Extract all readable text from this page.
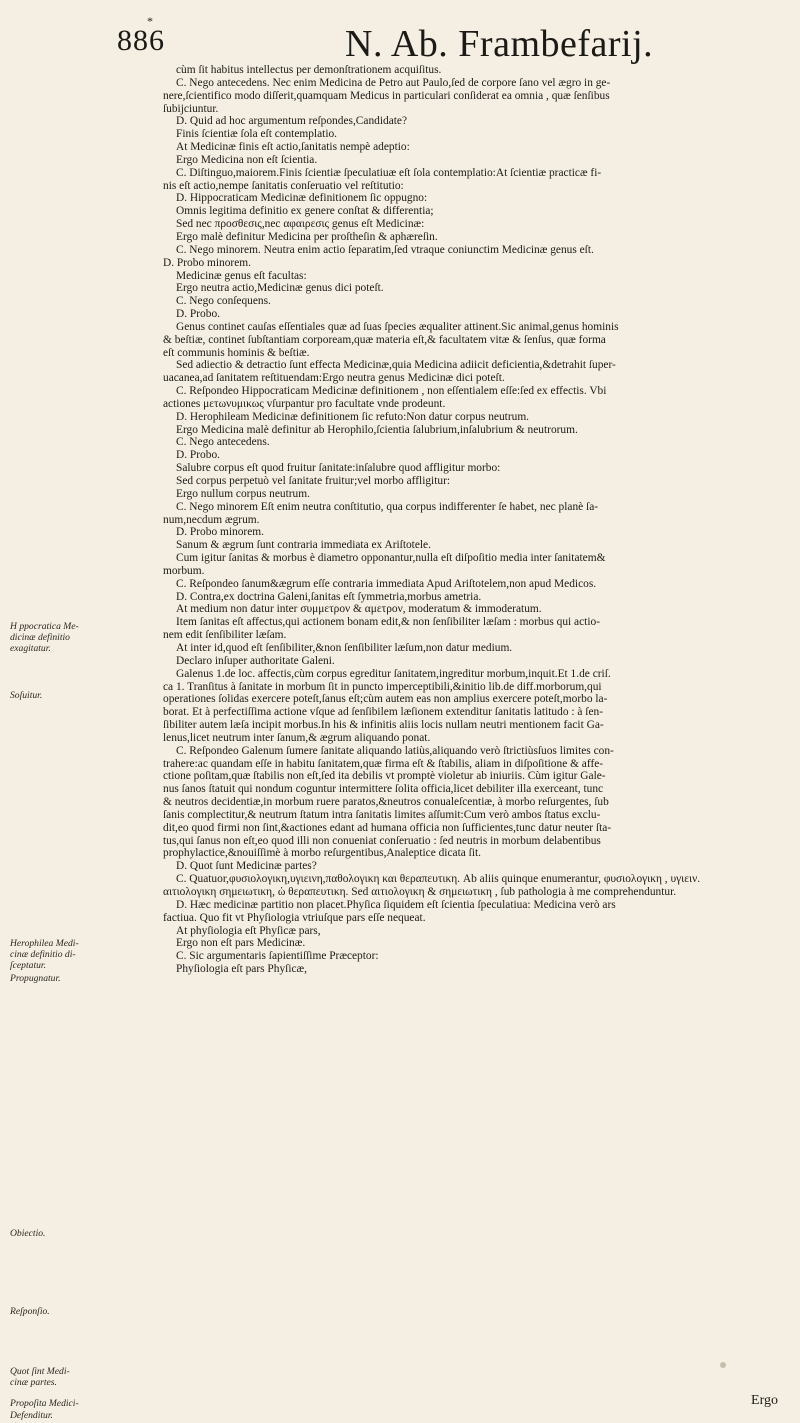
*
886	N. Ab. Frambefarij.
H ppocratica Me-
dicinæ definitio
exagitatur.
Soſuitur.
Herophilea Medi-
cinæ definitio di-
ſceptatur.
Propugnatur.
Obiectio.
Reſponſio.
Quot ſint Medi-
cinæ partes.
Propoſita Medici-
Defenditur.
cùm ſit habitus intellectus per demonſtrationem acquiſitus.
C. Nego antecedens. Nec enim Medicina de Petro aut Paulo,ſed de corpore ſano vel ægro in ge-
nere,ſcientifico modo diſſerit,quamquam Medicus in particulari conſiderat ea omnia , quæ ſenſibus
ſubijciuntur.
D. Quid ad hoc argumentum reſpondes,Candidate?
Finis ſcientiæ ſola eſt contemplatio.
At Medicinæ finis eſt actio,ſanitatis nempè adeptio:
Ergo Medicina non eſt ſcientia.
C. Diſtinguo,maiorem.Finis ſcientiæ ſpeculatiuæ eſt ſola contemplatio:At ſcientiæ practicæ fi-
nis eſt actio,nempe ſanitatis conſeruatio vel reſtitutio:
D. Hippocraticam Medicinæ definitionem ſic oppugno:
Omnis legitima definitio ex genere conſtat & differentia;
Sed nec προσθεσις,nec αφαιρεσις genus eſt Medicinæ:
Ergo malè definitur Medicina per proſtheſin & aphæreſin.
C. Nego minorem. Neutra enim actio ſeparatim,ſed vtraque coniunctim Medicinæ genus eſt.
D. Probo minorem.
Medicinæ genus eſt facultas:
Ergo neutra actio,Medicinæ genus dici poteſt.
C. Nego conſequens.
D. Probo.
Genus continet cauſas eſſentiales quæ ad ſuas ſpecies æqualiter attinent.Sic animal,genus hominis
& beſtiæ, continet ſubſtantiam corpoream,quæ materia eſt,& facultatem vitæ & ſenſus, quæ forma
eſt communis hominis & beſtiæ.
Sed adiectio & detractio ſunt effecta Medicinæ,quia Medicina adiicit deficientia,&detrahit ſuper-
uacanea,ad ſanitatem reſtituendam:Ergo neutra genus Medicinæ dici poteſt.
C. Reſpondeo Hippocraticam Medicinæ definitionem , non eſſentialem eſſe:ſed ex effectis. Vbi
actiones μετωνυμικως vſurpantur pro facultate vnde prodeunt.
D. Herophileam Medicinæ definitionem ſic refuto:Non datur corpus neutrum.
Ergo Medicina malè definitur ab Herophilo,ſcientia ſalubrium,inſalubrium & neutrorum.
C. Nego antecedens.
D. Probo.
Salubre corpus eſt quod fruitur ſanitate:inſalubre quod affligitur morbo:
Sed corpus perpetuò vel ſanitate fruitur;vel morbo affligitur:
Ergo nullum corpus neutrum.
C. Nego minorem Eſt enim neutra conſtitutio, qua corpus indifferenter ſe habet, nec planè ſa-
num,necdum ægrum.
D. Probo minorem.
Sanum & ægrum ſunt contraria immediata ex Ariſtotele.
Cum igitur ſanitas & morbus è diametro opponantur,nulla eſt diſpoſitio media inter ſanitatem&
morbum.
C. Reſpondeo ſanum&ægrum eſſe contraria immediata Apud Ariſtotelem,non apud Medicos.
D. Contra,ex doctrina Galeni,ſanitas eſt ſymmetria,morbus ametria.
At medium non datur inter συμμετρον & αμετρον, moderatum & immoderatum.
Item ſanitas eſt affectus,qui actionem bonam edit,& non ſenſibiliter læſam : morbus qui actio-
nem edit ſenſibiliter læſam.
At inter id,quod eſt ſenſibiliter,&non ſenſibiliter læſum,non datur medium.
Declaro inſuper authoritate Galeni.
Galenus 1.de loc. affectis,cùm corpus egreditur ſanitatem,ingreditur morbum,inquit.Et 1.de criſ.
ca 1. Tranſitus à ſanitate in morbum ſit in puncto imperceptibili,&initio lib.de diff.morborum,qui
operationes ſolidas exercere poteſt,ſanus eſt;cùm autem eas non amplius exercere poteſt,morbo la-
borat. Et à perfectiſſima actione vſque ad ſenſibilem læſionem extenditur ſanitatis latitudo : à ſen-
ſibiliter autem læſa incipit morbus.In his & infinitis aliis locis nullam neutri mentionem facit Ga-
lenus,licet neutrum inter ſanum,& ægrum aliquando ponat.
C. Reſpondeo Galenum ſumere ſanitate aliquando latiùs,aliquando verò ſtrictiùsſuos limites con-
trahere:ac quandam eſſe in habitu ſanitatem,quæ firma eſt & ſtabilis, aliam in diſpoſitione & affe-
ctione poſitam,quæ ſtabilis non eſt,ſed ita debilis vt promptè violetur ab iniuriis. Cùm igitur Gale-
nus ſanos ſtatuit qui nondum coguntur intermittere ſolita officia,licet debiliter illa exerceant, tunc
& neutros decidentiæ,in morbum ruere paratos,&neutros conualeſcentiæ, à morbo reſurgentes, ſub
ſanis complectitur,& neutrum ſtatum intra ſanitatis limites aſſumit:Cum verò ambos ſtatus exclu-
dit,eo quod firmi non ſint,&actiones edant ad humana officia non ſufficientes,tunc datur neuter ſta-
tus,qui ſanus non eſt,eo quod illi non conueniat conſeruatio : ſed neutris in morbum delabentibus
prophylactice,&nouiſſimè à morbo reſurgentibus,Analeptice dicata ſit.
D. Quot ſunt Medicinæ partes?
C. Quatuor,φυσιολογικη,υγιεινη,παθολογικη και θεραπευτικη. Ab aliis quinque enumerantur, φυσιολογικη , υγιειν.
αιτιολογικη σημειωτικη, ὡ θεραπευτικη. Sed αιτιολογικη & σημειωτικη , ſub pathologia à me comprehenduntur.
D. Hæc medicinæ partitio non placet.Phyſica ſiquidem eſt ſcientia ſpeculatiua: Medicina verò ars
factiua. Quo fit vt Phyſiologia vtriuſque pars eſſe nequeat.
At phyſiologia eſt Phyſicæ pars,
Ergo non eſt pars Medicinæ.
C. Sic argumentaris ſapientiſſime Præceptor:
Phyſiologia eſt pars Phyſicæ,
Ergo
